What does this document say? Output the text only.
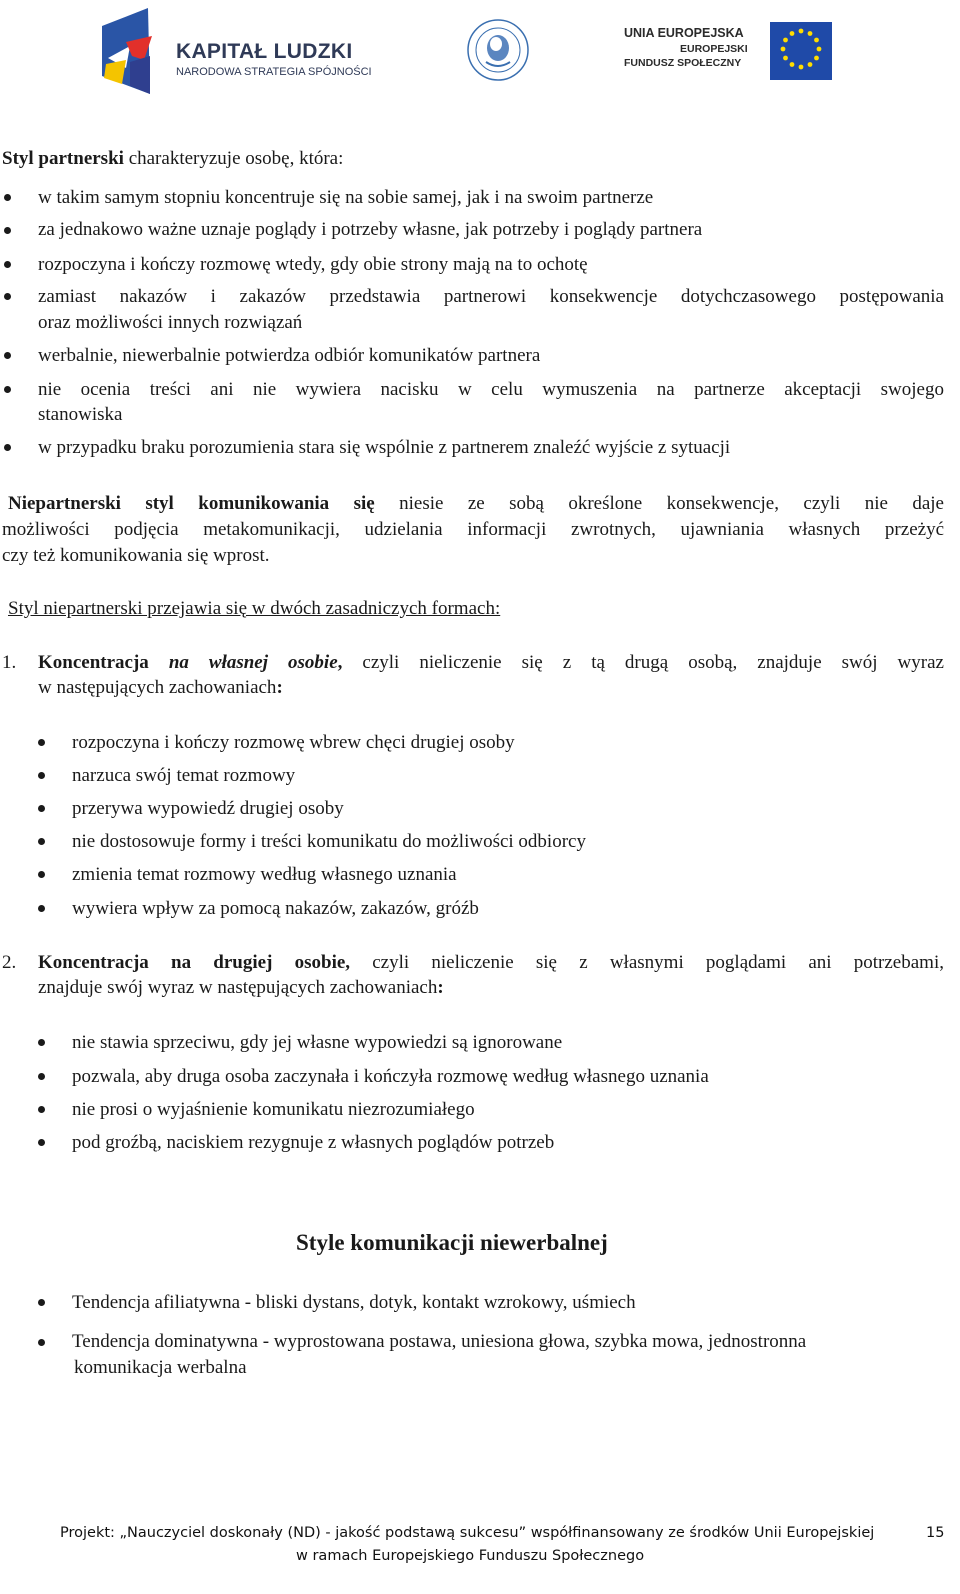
KAPITAŁ LUDZKI
NARODOWA STRATEGIA SPÓJNOŚCI
UNIA EUROPEJSKA
EUROPEJSKI
FUNDUSZ SPOŁECZNY
Styl partnerski charakteryzuje osobę, która:
w takim samym stopniu koncentruje się na sobie samej, jak i na swoim partnerze
za jednakowo ważne uznaje poglądy i potrzeby własne, jak potrzeby i poglądy partnera
rozpoczyna i kończy rozmowę wtedy, gdy obie strony mają na to ochotę
zamiast nakazów i zakazów przedstawia partnerowi konsekwencje dotychczasowego postępowania
oraz możliwości innych rozwiązań
werbalnie, niewerbalnie potwierdza odbiór komunikatów partnera
nie ocenia treści ani nie wywiera nacisku w celu wymuszenia na partnerze akceptacji swojego
stanowiska
w przypadku braku porozumienia stara się wspólnie z partnerem znaleźć wyjście z sytuacji
Niepartnerski styl komunikowania się niesie ze sobą określone konsekwencje, czyli nie daje
możliwości podjęcia metakomunikacji, udzielania informacji zwrotnych, ujawniania własnych przeżyć
czy też komunikowania się wprost.
Styl niepartnerski przejawia się w dwóch zasadniczych formach:
1. Koncentracja na własnej osobie, czyli nieliczenie się z tą drugą osobą, znajduje swój wyraz
w następujących zachowaniach:
rozpoczyna i kończy rozmowę wbrew chęci drugiej osoby
narzuca swój temat rozmowy
przerywa wypowiedź drugiej osoby
nie dostosowuje formy i treści komunikatu do możliwości odbiorcy
zmienia temat rozmowy według własnego uznania
wywiera wpływ za pomocą nakazów, zakazów, gróźb
2. Koncentracja na drugiej osobie, czyli nieliczenie się z własnymi poglądami ani potrzebami,
znajduje swój wyraz w następujących zachowaniach:
nie stawia sprzeciwu, gdy jej własne wypowiedzi są ignorowane
pozwala, aby druga osoba zaczynała i kończyła rozmowę według własnego uznania
nie prosi o wyjaśnienie komunikatu niezrozumiałego
pod groźbą, naciskiem rezygnuje z własnych poglądów potrzeb
Style komunikacji niewerbalnej
Tendencja afiliatywna - bliski dystans, dotyk, kontakt wzrokowy, uśmiech
Tendencja dominatywna - wyprostowana postawa, uniesiona głowa, szybka mowa, jednostronna
komunikacja werbalna
Projekt: „Nauczyciel doskonały (ND) - jakość podstawą sukcesu” współfinansowany ze środków Unii Europejskiej
w ramach Europejskiego Funduszu Społecznego
15
